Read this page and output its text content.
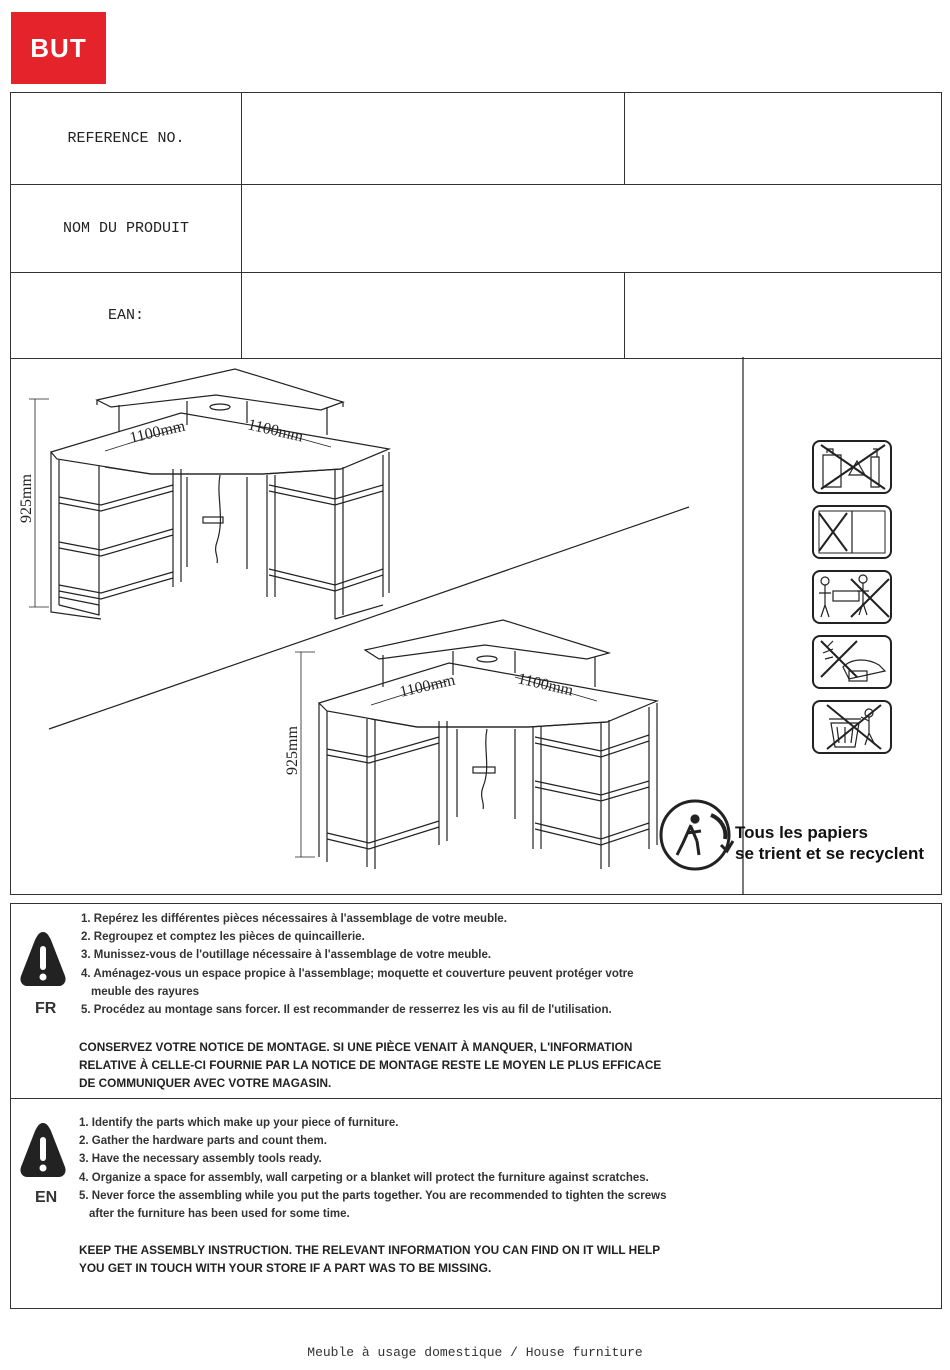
BUT
REFERENCE NO.		
NOM DU PRODUIT		
EAN:		
1100mm	1100mm
925mm
1100mm	1100mm
925mm
Tous les papiers
se trient et se recyclent
FR
1. Repérez les différentes pièces nécessaires à l'assemblage de votre meuble.
2. Regroupez et comptez les pièces de quincaillerie.
3. Munissez-vous de l'outillage nécessaire à l'assemblage de votre meuble.
4. Aménagez-vous un espace propice à l'assemblage; moquette et couverture peuvent protéger votre
meuble des rayures
5. Procédez au montage sans forcer. Il est recommander de resserrez les vis au fil de l'utilisation.
CONSERVEZ VOTRE NOTICE DE MONTAGE. SI UNE PIÈCE VENAIT À MANQUER, L'INFORMATION
RELATIVE À CELLE-CI FOURNIE PAR LA NOTICE DE MONTAGE RESTE LE MOYEN LE PLUS EFFICACE
DE COMMUNIQUER AVEC VOTRE MAGASIN.
EN
1. Identify the parts which make up your piece of furniture.
2. Gather the hardware parts and count them.
3. Have the necessary assembly tools ready.
4. Organize a space for assembly, wall carpeting or a blanket will protect the furniture against scratches.
5. Never force the assembling while you put the parts together. You are recommended to tighten the screws
after the furniture has been used for some time.
KEEP THE ASSEMBLY INSTRUCTION. THE RELEVANT INFORMATION YOU CAN FIND ON IT WILL HELP
YOU GET IN TOUCH WITH YOUR STORE IF A PART WAS TO BE MISSING.
Meuble à usage domestique / House furniture
